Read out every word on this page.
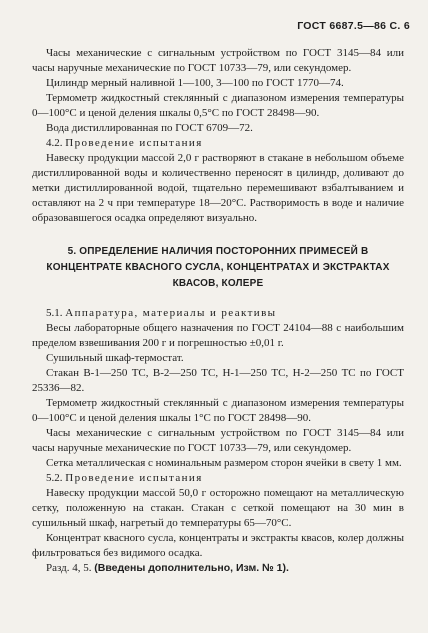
ГОСТ 6687.5—86 С. 6

Часы механические с сигнальным устройством по ГОСТ 3145—84 или часы наручные механические по ГОСТ 10733—79, или секундомер.

Цилиндр мерный наливной 1—100, 3—100 по ГОСТ 1770—74.

Термометр жидкостный стеклянный с диапазоном измерения температуры 0—100°С и ценой деления шкалы 0,5°С по ГОСТ 28498—90.

Вода дистиллированная по ГОСТ 6709—72.

4.2. Проведение испытания

Навеску продукции массой 2,0 г растворяют в стакане в небольшом объеме дистиллированной воды и количественно переносят в цилиндр, доливают до метки дистиллированной водой, тщательно перемешивают взбалтыванием и оставляют на 2 ч при температуре 18—20°С. Растворимость в воде и наличие образовавшегося осадка определяют визуально.

5. ОПРЕДЕЛЕНИЕ НАЛИЧИЯ ПОСТОРОННИХ ПРИМЕСЕЙ В КОНЦЕНТРАТЕ КВАСНОГО СУСЛА, КОНЦЕНТРАТАХ И ЭКСТРАКТАХ КВАСОВ, КОЛЕРЕ

5.1. Аппаратура, материалы и реактивы

Весы лабораторные общего назначения по ГОСТ 24104—88 с наибольшим пределом взвешивания 200 г и погрешностью ±0,01 г.

Сушильный шкаф-термостат.

Стакан В-1—250 ТС, В-2—250 ТС, Н-1—250 ТС, Н-2—250 ТС по ГОСТ 25336—82.

Термометр жидкостный стеклянный с диапазоном измерения температуры 0—100°С и ценой деления шкалы 1°С по ГОСТ 28498—90.

Часы механические с сигнальным устройством по ГОСТ 3145—84 или часы наручные механические по ГОСТ 10733—79, или секундомер.

Сетка металлическая с номинальным размером сторон ячейки в свету 1 мм.

5.2. Проведение испытания

Навеску продукции массой 50,0 г осторожно помещают на металлическую сетку, положенную на стакан. Стакан с сеткой помещают на 30 мин в сушильный шкаф, нагретый до температуры 65—70°С.

Концентрат квасного сусла, концентраты и экстракты квасов, колер должны фильтроваться без видимого осадка.

Разд. 4, 5. (Введены дополнительно, Изм. № 1).
